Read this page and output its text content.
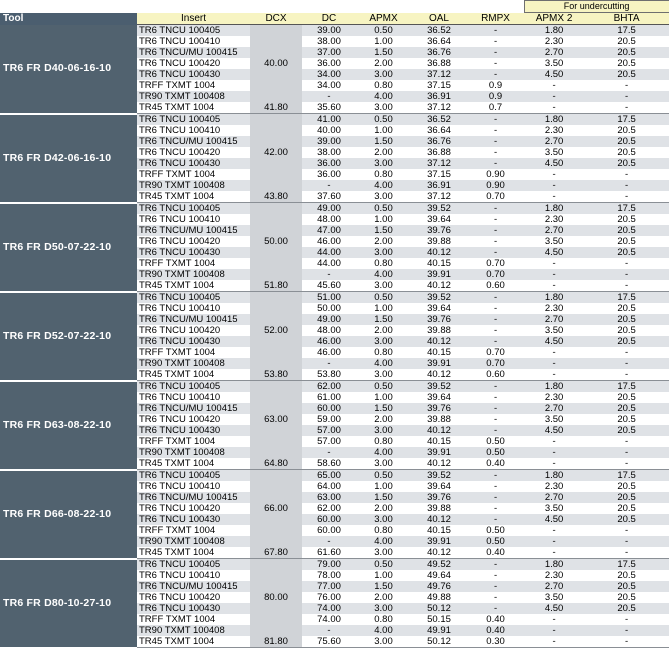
							For undercutting	
Tool	Insert	DCX	DC	APMX	OAL	RMPX	APMX 2	BHTA
TR6 FR D40-06-16-10	TR6 TNCU 100405	40.00	39.00	0.50	36.52	-	1.80	17.5
	TR6 TNCU 100410		38.00	1.00	36.64	-	2.30	20.5
	TR6 TNCU/MU 100415		37.00	1.50	36.76	-	2.70	20.5
	TR6 TNCU 100420		36.00	2.00	36.88	-	3.50	20.5
	TR6 TNCU 100430		34.00	3.00	37.12	-	4.50	20.5
	TRFF TXMT 1004		34.00	0.80	37.15	0.9	-	-
	TR90 TXMT 100408		-	4.00	36.91	0.9	-	-
	TR45 TXMT 1004	41.80	35.60	3.00	37.12	0.7	-	-
TR6 FR D42-06-16-10	TR6 TNCU 100405	42.00	41.00	0.50	36.52	-	1.80	17.5
	TR6 TNCU 100410		40.00	1.00	36.64	-	2.30	20.5
	TR6 TNCU/MU 100415		39.00	1.50	36.76	-	2.70	20.5
	TR6 TNCU 100420		38.00	2.00	36.88	-	3.50	20.5
	TR6 TNCU 100430		36.00	3.00	37.12	-	4.50	20.5
	TRFF TXMT 1004		36.00	0.80	37.15	0.90	-	-
	TR90 TXMT 100408		-	4.00	36.91	0.90	-	-
	TR45 TXMT 1004	43.80	37.60	3.00	37.12	0.70	-	-
TR6 FR D50-07-22-10	TR6 TNCU 100405	50.00	49.00	0.50	39.52	-	1.80	17.5
	TR6 TNCU 100410		48.00	1.00	39.64	-	2.30	20.5
	TR6 TNCU/MU 100415		47.00	1.50	39.76	-	2.70	20.5
	TR6 TNCU 100420		46.00	2.00	39.88	-	3.50	20.5
	TR6 TNCU 100430		44.00	3.00	40.12	-	4.50	20.5
	TRFF TXMT 1004		44.00	0.80	40.15	0.70	-	-
	TR90 TXMT 100408		-	4.00	39.91	0.70	-	-
	TR45 TXMT 1004	51.80	45.60	3.00	40.12	0.60	-	-
TR6 FR D52-07-22-10	TR6 TNCU 100405	52.00	51.00	0.50	39.52	-	1.80	17.5
	TR6 TNCU 100410		50.00	1.00	39.64	-	2.30	20.5
	TR6 TNCU/MU 100415		49.00	1.50	39.76	-	2.70	20.5
	TR6 TNCU 100420		48.00	2.00	39.88	-	3.50	20.5
	TR6 TNCU 100430		46.00	3.00	40.12	-	4.50	20.5
	TRFF TXMT 1004		46.00	0.80	40.15	0.70	-	-
	TR90 TXMT 100408		-	4.00	39.91	0.70	-	-
	TR45 TXMT 1004	53.80	53.80	3.00	40.12	0.60	-	-
TR6 FR D63-08-22-10	TR6 TNCU 100405	63.00	62.00	0.50	39.52	-	1.80	17.5
	TR6 TNCU 100410		61.00	1.00	39.64	-	2.30	20.5
	TR6 TNCU/MU 100415		60.00	1.50	39.76	-	2.70	20.5
	TR6 TNCU 100420		59.00	2.00	39.88	-	3.50	20.5
	TR6 TNCU 100430		57.00	3.00	40.12	-	4.50	20.5
	TRFF TXMT 1004		57.00	0.80	40.15	0.50	-	-
	TR90 TXMT 100408		-	4.00	39.91	0.50	-	-
	TR45 TXMT 1004	64.80	58.60	3.00	40.12	0.40	-	-
TR6 FR D66-08-22-10	TR6 TNCU 100405	66.00	65.00	0.50	39.52	-	1.80	17.5
	TR6 TNCU 100410		64.00	1.00	39.64	-	2.30	20.5
	TR6 TNCU/MU 100415		63.00	1.50	39.76	-	2.70	20.5
	TR6 TNCU 100420		62.00	2.00	39.88	-	3.50	20.5
	TR6 TNCU 100430		60.00	3.00	40.12	-	4.50	20.5
	TRFF TXMT 1004		60.00	0.80	40.15	0.50	-	-
	TR90 TXMT 100408		-	4.00	39.91	0.50	-	-
	TR45 TXMT 1004	67.80	61.60	3.00	40.12	0.40	-	-
TR6 FR D80-10-27-10	TR6 TNCU 100405	80.00	79.00	0.50	49.52	-	1.80	17.5
	TR6 TNCU 100410		78.00	1.00	49.64	-	2.30	20.5
	TR6 TNCU/MU 100415		77.00	1.50	49.76	-	2.70	20.5
	TR6 TNCU 100420		76.00	2.00	49.88	-	3.50	20.5
	TR6 TNCU 100430		74.00	3.00	50.12	-	4.50	20.5
	TRFF TXMT 1004		74.00	0.80	50.15	0.40	-	-
	TR90 TXMT 100408		-	4.00	49.91	0.40	-	-
	TR45 TXMT 1004	81.80	75.60	3.00	50.12	0.30	-	-
